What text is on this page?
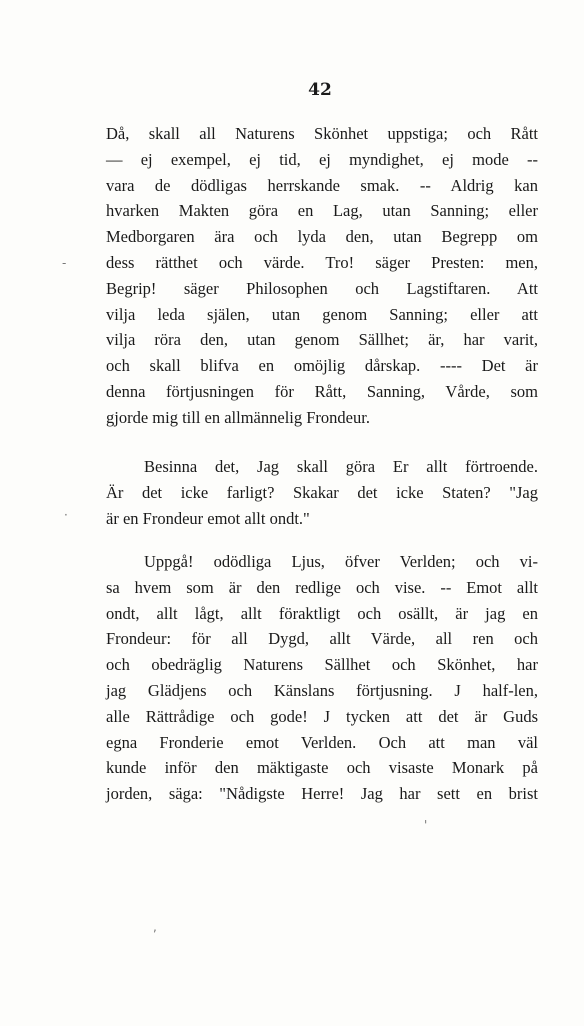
42
Då, skall all Naturens Skönhet uppstiga; och Rått
— ej exempel, ej tid, ej myndighet, ej mode --
vara de dödligas herrskande smak. -- Aldrig kan
hvarken Makten göra en Lag, utan Sanning; eller
Medborgaren ära och lyda den, utan Begrepp om
dess rätthet och värde. Tro! säger Presten: men,
Begrip! säger Philosophen och Lagstiftaren. Att
vilja leda själen, utan genom Sanning; eller att
vilja röra den, utan genom Sällhet; är, har varit,
och skall blifva en omöjlig dårskap. ---- Det är
denna förtjusningen för Rått, Sanning, Vårde, som
gjorde mig till en allmännelig Frondeur.
Besinna det, Jag skall göra Er allt förtroende.
Är det icke farligt? Skakar det icke Staten? "Jag
är en Frondeur emot allt ondt."
Uppgå! odödliga Ljus, öfver Verlden; och vi-
sa hvem som är den redlige och vise. -- Emot allt
ondt, allt lågt, allt föraktligt och osällt, är jag en
Frondeur: för all Dygd, allt Värde, all ren och
och obedräglig Naturens Sällhet och Skönhet, har
jag Glädjens och Känslans förtjusning. J half-len,
alle Rättrådige och gode! J tycken att det är Guds
egna Fronderie emot Verlden. Och att man väl
kunde inför den mäktigaste och visaste Monark på
jorden, säga: "Nådigste Herre! Jag har sett en brist
-
·
,
'
